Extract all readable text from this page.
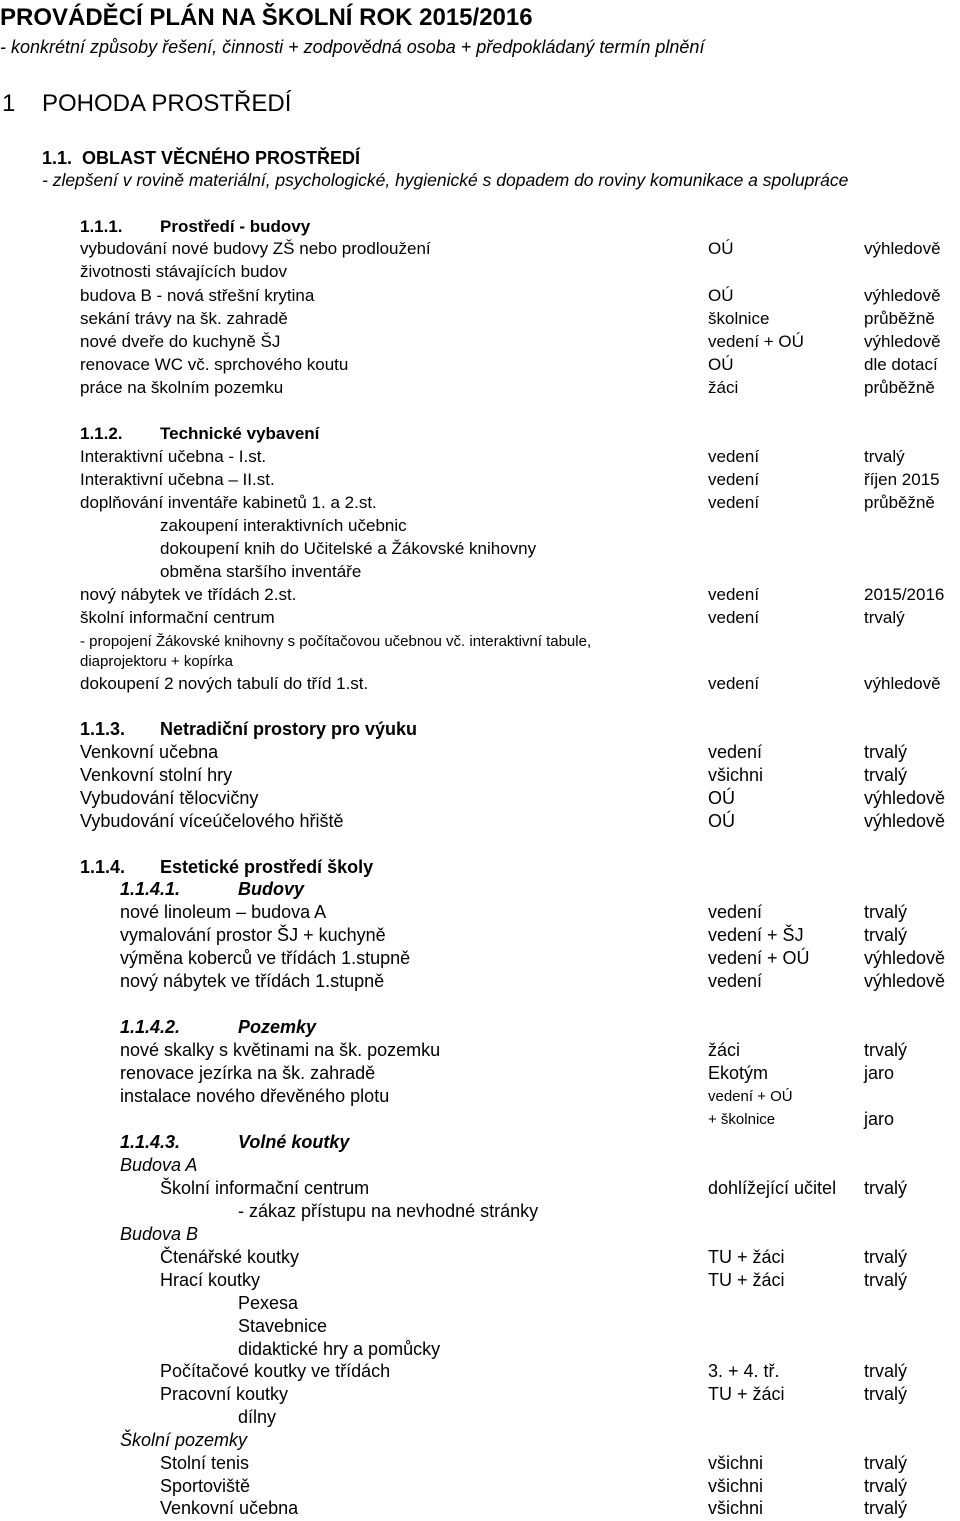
PROVÁDĚCÍ PLÁN NA ŠKOLNÍ ROK 2015/2016
- konkrétní způsoby řešení, činnosti + zodpovědná osoba + předpokládaný termín plnění
1 POHODA PROSTŘEDÍ
1.1. OBLAST VĚCNÉHO PROSTŘEDÍ
- zlepšení v rovině materiální, psychologické, hygienické s dopadem do roviny komunikace a spolupráce
1.1.1. Prostředí - budovy
vybudování nové budovy ZŠ nebo prodloužení	OÚ	výhledově
životnosti stávajících budov
budova B - nová střešní krytina	OÚ	výhledově
sekání trávy na šk. zahradě	školnice	průběžně
nové dveře do kuchyně ŠJ	vedení + OÚ	výhledově
renovace WC vč. sprchového koutu	OÚ	dle dotací
práce na školním pozemku	žáci	průběžně
1.1.2. Technické vybavení
Interaktivní učebna - I.st.	vedení	trvalý
Interaktivní učebna – II.st.	vedení	říjen 2015
doplňování inventáře kabinetů 1. a 2.st.	vedení	průběžně
zakoupení interaktivních učebnic
dokoupení knih do Učitelské a Žákovské knihovny
obměna staršího inventáře
nový nábytek ve třídách 2.st.	vedení	2015/2016
školní informační centrum	vedení	trvalý
- propojení Žákovské knihovny s počítačovou učebnou vč. interaktivní tabule,
diaprojektoru + kopírka
dokoupení 2 nových tabulí do tříd 1.st.	vedení	výhledově
1.1.3. Netradiční prostory pro výuku
Venkovní učebna	vedení	trvalý
Venkovní stolní hry	všichni	trvalý
Vybudování tělocvičny	OÚ	výhledově
Vybudování víceúčelového hřiště	OÚ	výhledově
1.1.4. Estetické prostředí školy
1.1.4.1.	Budovy
nové linoleum – budova A	vedení	trvalý
vymalování prostor ŠJ + kuchyně	vedení + ŠJ	trvalý
výměna koberců ve třídách 1.stupně	vedení + OÚ	výhledově
nový nábytek ve třídách 1.stupně	vedení	výhledově
1.1.4.2.	Pozemky
nové skalky s květinami na šk. pozemku	žáci	trvalý
renovace jezírka na šk. zahradě	Ekotým	jaro
instalace nového dřevěného plotu	vedení + OÚ
+ školnice	jaro
1.1.4.3.	Volné koutky
Budova A
Školní informační centrum	dohlížející učitel trvalý
- zákaz přístupu na nevhodné stránky
Budova B
Čtenářské koutky	TU + žáci	trvalý
Hrací koutky	TU + žáci	trvalý
Pexesa
Stavebnice
didaktické hry a pomůcky
Počítačové koutky ve třídách	3. + 4. tř.	trvalý
Pracovní koutky	TU + žáci	trvalý
dílny
Školní pozemky
Stolní tenis	všichni	trvalý
Sportoviště	všichni	trvalý
Venkovní učebna	všichni	trvalý
